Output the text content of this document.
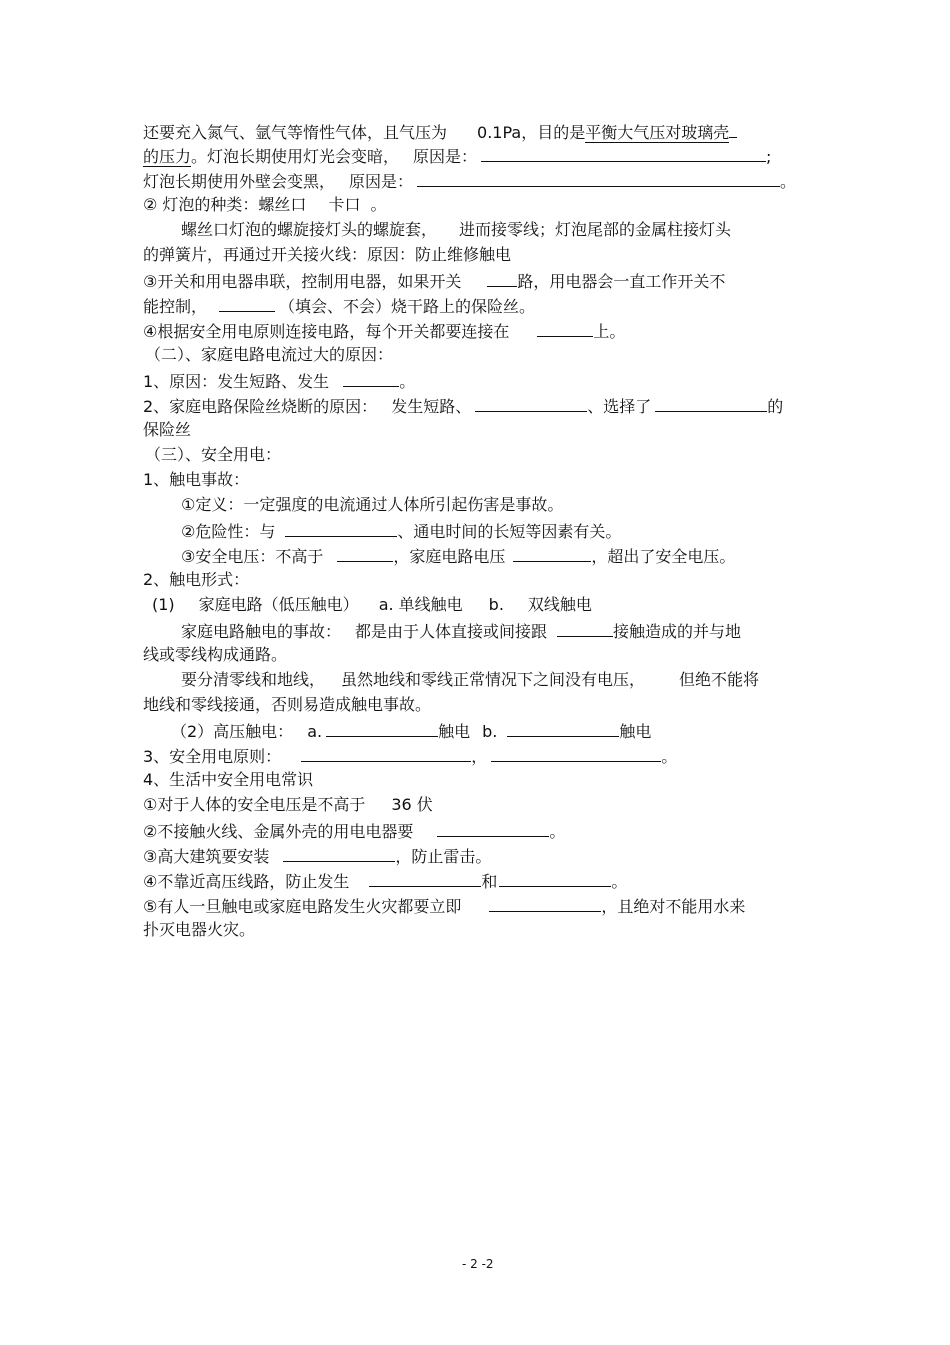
还要充入氮气、氩气等惰性气体，且气压为 0.1Pa，目的是平衡大气压对玻璃壳
的压力。灯泡长期使用灯光会变暗， 原因是：	;
灯泡长期使用外壁会变黑， 原因是：	。
② 灯泡的种类：螺丝口 卡口 。
螺丝口灯泡的螺旋接灯头的螺旋套， 进而接零线；灯泡尾部的金属柱接灯头
的弹簧片，再通过开关接火线：原因：防止维修触电
③开关和用电器串联，控制用电器，如果开关	路，用电器会一直工作开关不
能控制，	（填会、不会）烧干路上的保险丝。
④根据安全用电原则连接电路，每个开关都要连接在	上。
（二）、家庭电路电流过大的原因：
1、原因：发生短路、发生	。
2、家庭电路保险丝烧断的原因： 发生短路、	、选择了	的
保险丝
（三）、安全用电：
1、触电事故：
①定义：一定强度的电流通过人体所引起伤害是事故。
②危险性：与	、通电时间的长短等因素有关。
③安全电压：不高于	，家庭电路电压	，超出了安全电压。
2、触电形式：
(1) 家庭电路（低压触电） a. 单线触电 b. 双线触电
家庭电路触电的事故： 都是由于人体直接或间接跟	接触造成的并与地
线或零线构成通路。
要分清零线和地线， 虽然地线和零线正常情况下之间没有电压， 但绝不能将
地线和零线接通，否则易造成触电事故。
（2）高压触电： a.	触电 b.	触电
3、安全用电原则：	，	。
4、生活中安全用电常识
①对于人体的安全电压是不高于 36 伏
②不接触火线、金属外壳的用电电器要	。
③高大建筑要安装	，防止雷击。
④不靠近高压线路，防止发生	和	。
⑤有人一旦触电或家庭电路发生火灾都要立即	，且绝对不能用水来
扑灭电器火灾。
- 2 -2
